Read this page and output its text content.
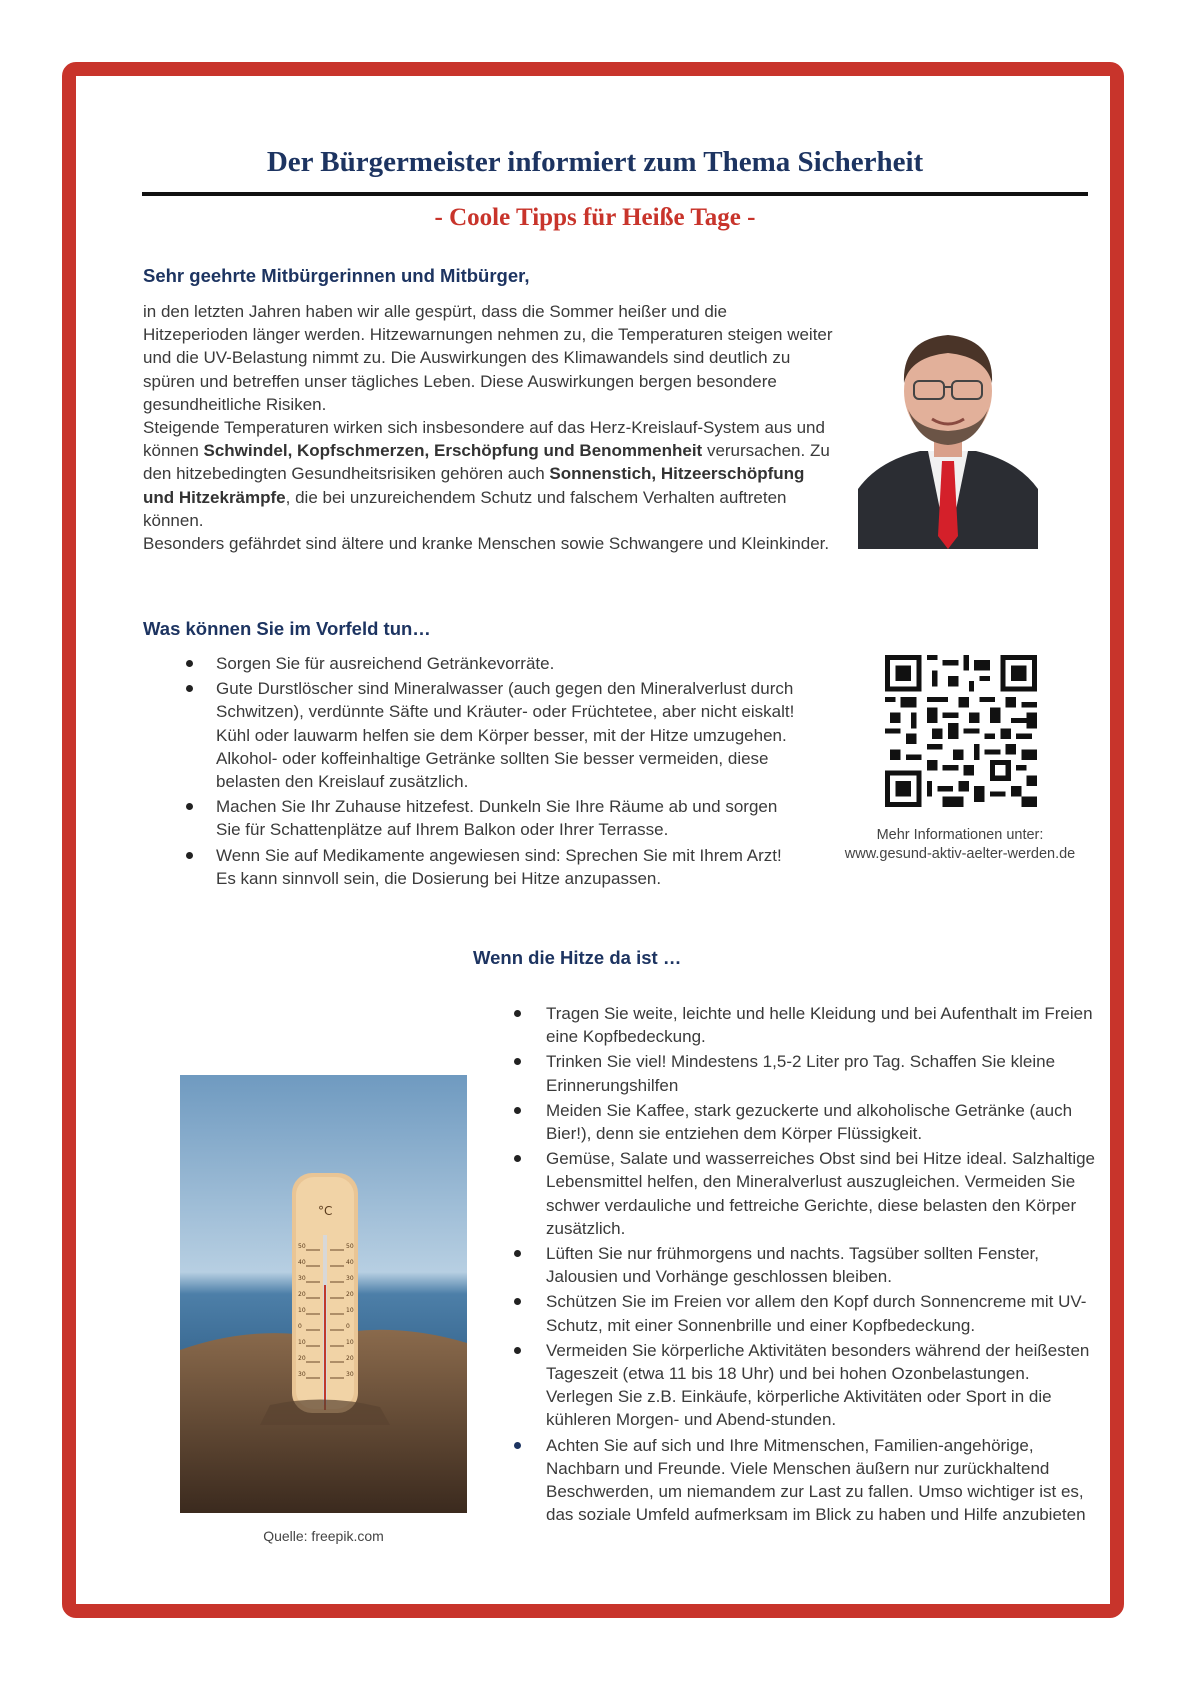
Der Bürgermeister informiert zum Thema Sicherheit
- Coole Tipps für Heiße Tage -
Sehr geehrte Mitbürgerinnen und Mitbürger,

in den letzten Jahren haben wir alle gespürt, dass die Sommer heißer und die Hitzeperioden länger werden. Hitzewarnungen nehmen zu, die Temperaturen steigen weiter und die UV-Belastung nimmt zu. Die Auswirkungen des Klimawandels sind deutlich zu spüren und betreffen unser tägliches Leben. Diese Auswirkungen bergen besondere gesundheitliche Risiken.

Steigende Temperaturen wirken sich insbesondere auf das Herz-Kreislauf-System aus und können Schwindel, Kopfschmerzen, Erschöpfung und Benommenheit verursachen. Zu den hitzebedingten Gesundheitsrisiken gehören auch Sonnenstich, Hitzeerschöpfung und Hitzekrämpfe, die bei unzureichendem Schutz und falschem Verhalten auftreten können.

Besonders gefährdet sind ältere und kranke Menschen sowie Schwangere und Kleinkinder.

Was können Sie im Vorfeld tun…
Sorgen Sie für ausreichend Getränkevorräte.
Gute Durstlöscher sind Mineralwasser (auch gegen den Mineralverlust durch Schwitzen), verdünnte Säfte und Kräuter- oder Früchtetee, aber nicht eiskalt! Kühl oder lauwarm helfen sie dem Körper besser, mit der Hitze umzugehen. Alkohol- oder koffeinhaltige Getränke sollten Sie besser vermeiden, diese belasten den Kreislauf zusätzlich.
Machen Sie Ihr Zuhause hitzefest. Dunkeln Sie Ihre Räume ab und sorgen Sie für Schattenplätze auf Ihrem Balkon oder Ihrer Terrasse.
Wenn Sie auf Medikamente angewiesen sind: Sprechen Sie mit Ihrem Arzt! Es kann sinnvoll sein, die Dosierung bei Hitze anzupassen.
Mehr Informationen unter:
www.gesund-aktiv-aelter-werden.de
Wenn die Hitze da ist …
Tragen Sie weite, leichte und helle Kleidung und bei Aufenthalt im Freien eine Kopfbedeckung.
Trinken Sie viel! Mindestens 1,5-2 Liter pro Tag. Schaffen Sie kleine Erinnerungshilfen
Meiden Sie Kaffee, stark gezuckerte und alkoholische Getränke (auch Bier!), denn sie entziehen dem Körper Flüssigkeit.
Gemüse, Salate und wasserreiches Obst sind bei Hitze ideal. Salzhaltige Lebensmittel helfen, den Mineralverlust auszugleichen. Vermeiden Sie schwer verdauliche und fettreiche Gerichte, diese belasten den Körper zusätzlich.
Lüften Sie nur frühmorgens und nachts. Tagsüber sollten Fenster, Jalousien und Vorhänge geschlossen bleiben.
Schützen Sie im Freien vor allem den Kopf durch Sonnencreme mit UV-Schutz, mit einer Sonnenbrille und einer Kopfbedeckung.
Vermeiden Sie körperliche Aktivitäten besonders während der heißesten Tageszeit (etwa 11 bis 18 Uhr) und bei hohen Ozonbelastungen. Verlegen Sie z.B. Einkäufe, körperliche Aktivitäten oder Sport in die kühleren Morgen- und Abend-stunden.
Achten Sie auf sich und Ihre Mitmenschen, Familien-angehörige, Nachbarn und Freunde. Viele Menschen äußern nur zurückhaltend Beschwerden, um niemandem zur Last zu fallen. Umso wichtiger ist es, das soziale Umfeld aufmerksam im Blick zu haben und Hilfe anzubieten
°C
50	50
40	40
30	30
20	20
10	10
0	0
10	10
20	20
30	30
Quelle: freepik.com
